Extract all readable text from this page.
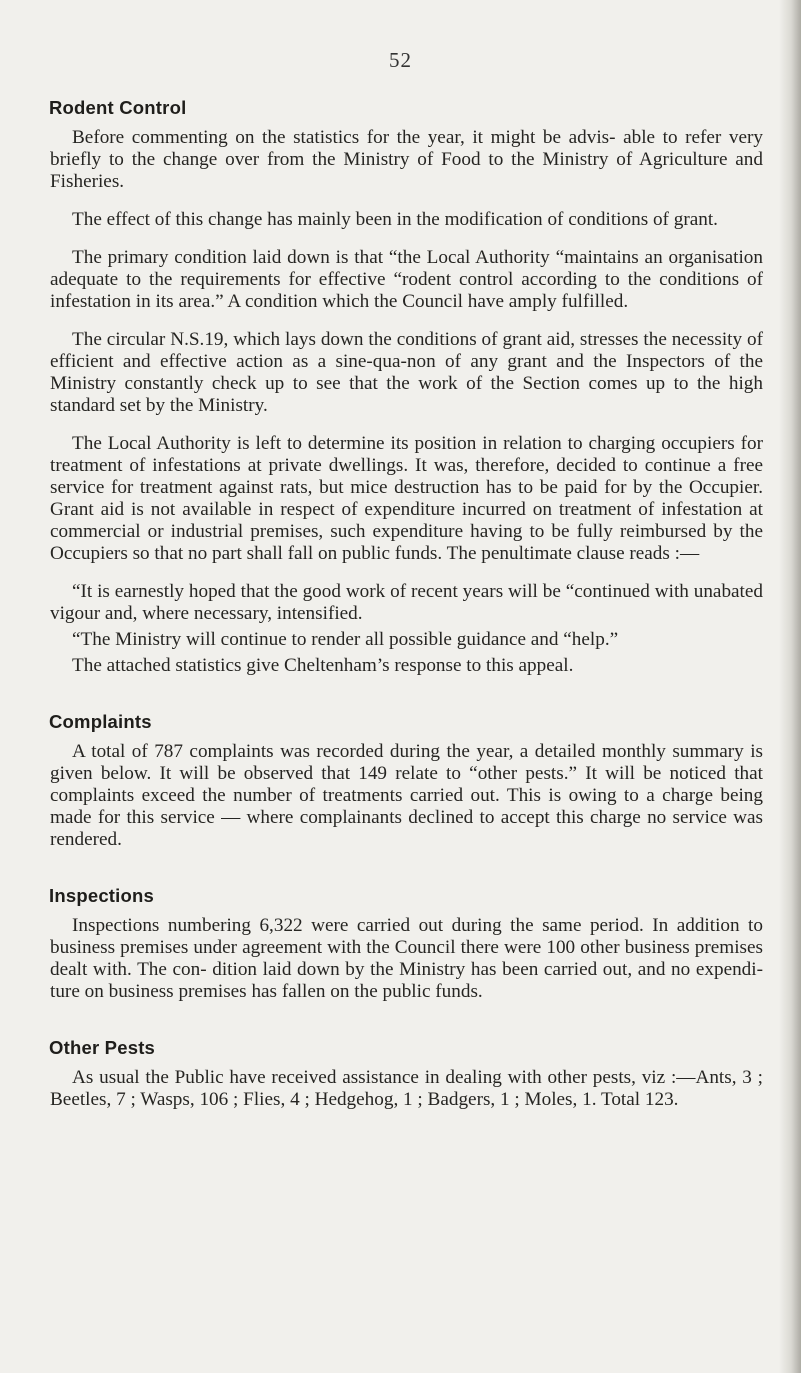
52
Rodent Control

Before commenting on the statistics for the year, it might be advis- able to refer very briefly to the change over from the Ministry of Food to the Ministry of Agriculture and Fisheries.

The effect of this change has mainly been in the modification of conditions of grant.

The primary condition laid down is that “the Local Authority “maintains an organisation adequate to the requirements for effective “rodent control according to the conditions of infestation in its area.” A condition which the Council have amply fulfilled.

The circular N.S.19, which lays down the conditions of grant aid, stresses the necessity of efficient and effective action as a sine-qua-non of any grant and the Inspectors of the Ministry constantly check up to see that the work of the Section comes up to the high standard set by the Ministry.

The Local Authority is left to determine its position in relation to charging occupiers for treatment of infestations at private dwellings. It was, therefore, decided to continue a free service for treatment against rats, but mice destruction has to be paid for by the Occupier. Grant aid is not available in respect of expenditure incurred on treatment of infestation at commercial or industrial premises, such expenditure having to be fully reimbursed by the Occupiers so that no part shall fall on public funds. The penultimate clause reads :—

“It is earnestly hoped that the good work of recent years will be “continued with unabated vigour and, where necessary, intensified.

“The Ministry will continue to render all possible guidance and “help.”

The attached statistics give Cheltenham’s response to this appeal.

Complaints

A total of 787 complaints was recorded during the year, a detailed monthly summary is given below. It will be observed that 149 relate to “other pests.” It will be noticed that complaints exceed the number of treatments carried out. This is owing to a charge being made for this service — where complainants declined to accept this charge no service was rendered.

Inspections

Inspections numbering 6,322 were carried out during the same period. In addition to business premises under agreement with the Council there were 100 other business premises dealt with. The con- dition laid down by the Ministry has been carried out, and no expendi- ture on business premises has fallen on the public funds.

Other Pests

As usual the Public have received assistance in dealing with other pests, viz :—Ants, 3 ; Beetles, 7 ; Wasps, 106 ; Flies, 4 ; Hedgehog, 1 ; Badgers, 1 ; Moles, 1. Total 123.
